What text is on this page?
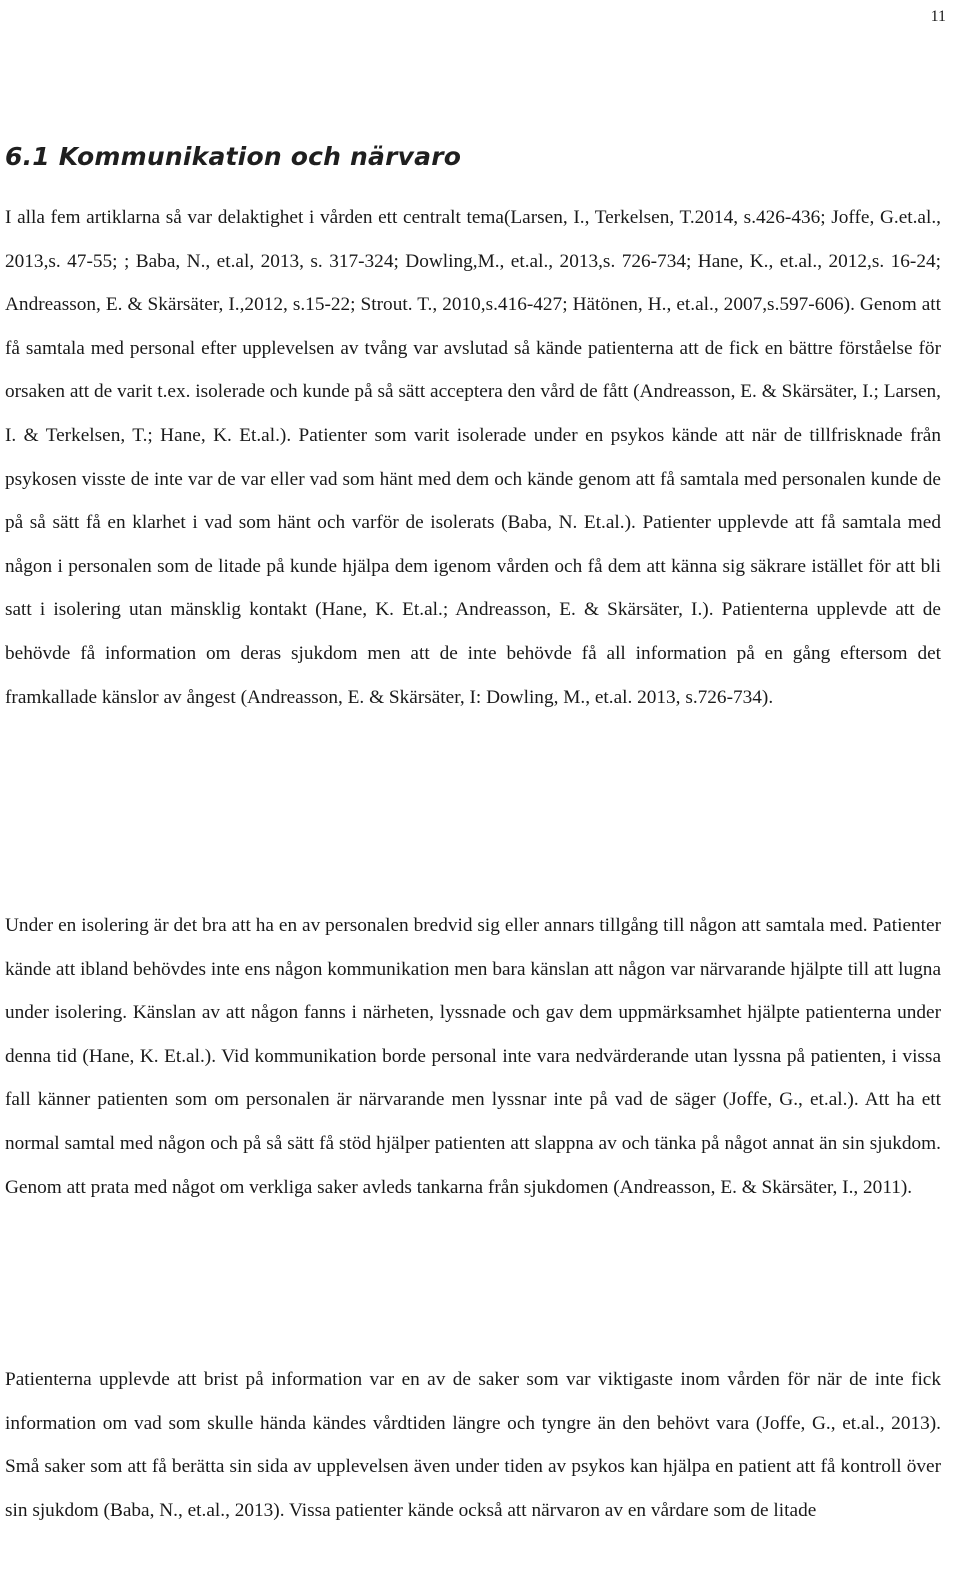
11
6.1 Kommunikation och närvaro

I alla fem artiklarna så var delaktighet i vården ett centralt tema(Larsen, I., Terkelsen, T.2014, s.426-436; Joffe, G.et.al., 2013,s. 47-55; ; Baba, N., et.al, 2013, s. 317-324; Dowling,M., et.al., 2013,s. 726-734; Hane, K., et.al., 2012,s. 16-24; Andreasson, E. & Skärsäter, I.,2012, s.15-22; Strout. T., 2010,s.416-427; Hätönen, H., et.al., 2007,s.597-606). Genom att få samtala med personal efter upplevelsen av tvång var avslutad så kände patienterna att de fick en bättre förståelse för orsaken att de varit t.ex. isolerade och kunde på så sätt acceptera den vård de fått (Andreasson, E. & Skärsäter, I.; Larsen, I. & Terkelsen, T.; Hane, K. Et.al.). Patienter som varit isolerade under en psykos kände att när de tillfrisknade från psykosen visste de inte var de var eller vad som hänt med dem och kände genom att få samtala med personalen kunde de på så sätt få en klarhet i vad som hänt och varför de isolerats (Baba, N. Et.al.). Patienter upplevde att få samtala med någon i personalen som de litade på kunde hjälpa dem igenom vården och få dem att känna sig säkrare istället för att bli satt i isolering utan mänsklig kontakt (Hane, K. Et.al.; Andreasson, E. & Skärsäter, I.). Patienterna upplevde att de behövde få information om deras sjukdom men att de inte behövde få all information på en gång eftersom det framkallade känslor av ångest (Andreasson, E. & Skärsäter, I: Dowling, M., et.al. 2013, s.726-734).

Under en isolering är det bra att ha en av personalen bredvid sig eller annars tillgång till någon att samtala med. Patienter kände att ibland behövdes inte ens någon kommunikation men bara känslan att någon var närvarande hjälpte till att lugna under isolering. Känslan av att någon fanns i närheten, lyssnade och gav dem uppmärksamhet hjälpte patienterna under denna tid (Hane, K. Et.al.). Vid kommunikation borde personal inte vara nedvärderande utan lyssna på patienten, i vissa fall känner patienten som om personalen är närvarande men lyssnar inte på vad de säger (Joffe, G., et.al.). Att ha ett normal samtal med någon och på så sätt få stöd hjälper patienten att slappna av och tänka på något annat än sin sjukdom. Genom att prata med något om verkliga saker avleds tankarna från sjukdomen (Andreasson, E. & Skärsäter, I., 2011).

Patienterna upplevde att brist på information var en av de saker som var viktigaste inom vården för när de inte fick information om vad som skulle hända kändes vårdtiden längre och tyngre än den behövt vara (Joffe, G., et.al., 2013). Små saker som att få berätta sin sida av upplevelsen även under tiden av psykos kan hjälpa en patient att få kontroll över sin sjukdom (Baba, N., et.al., 2013). Vissa patienter kände också att närvaron av en vårdare som de litade
